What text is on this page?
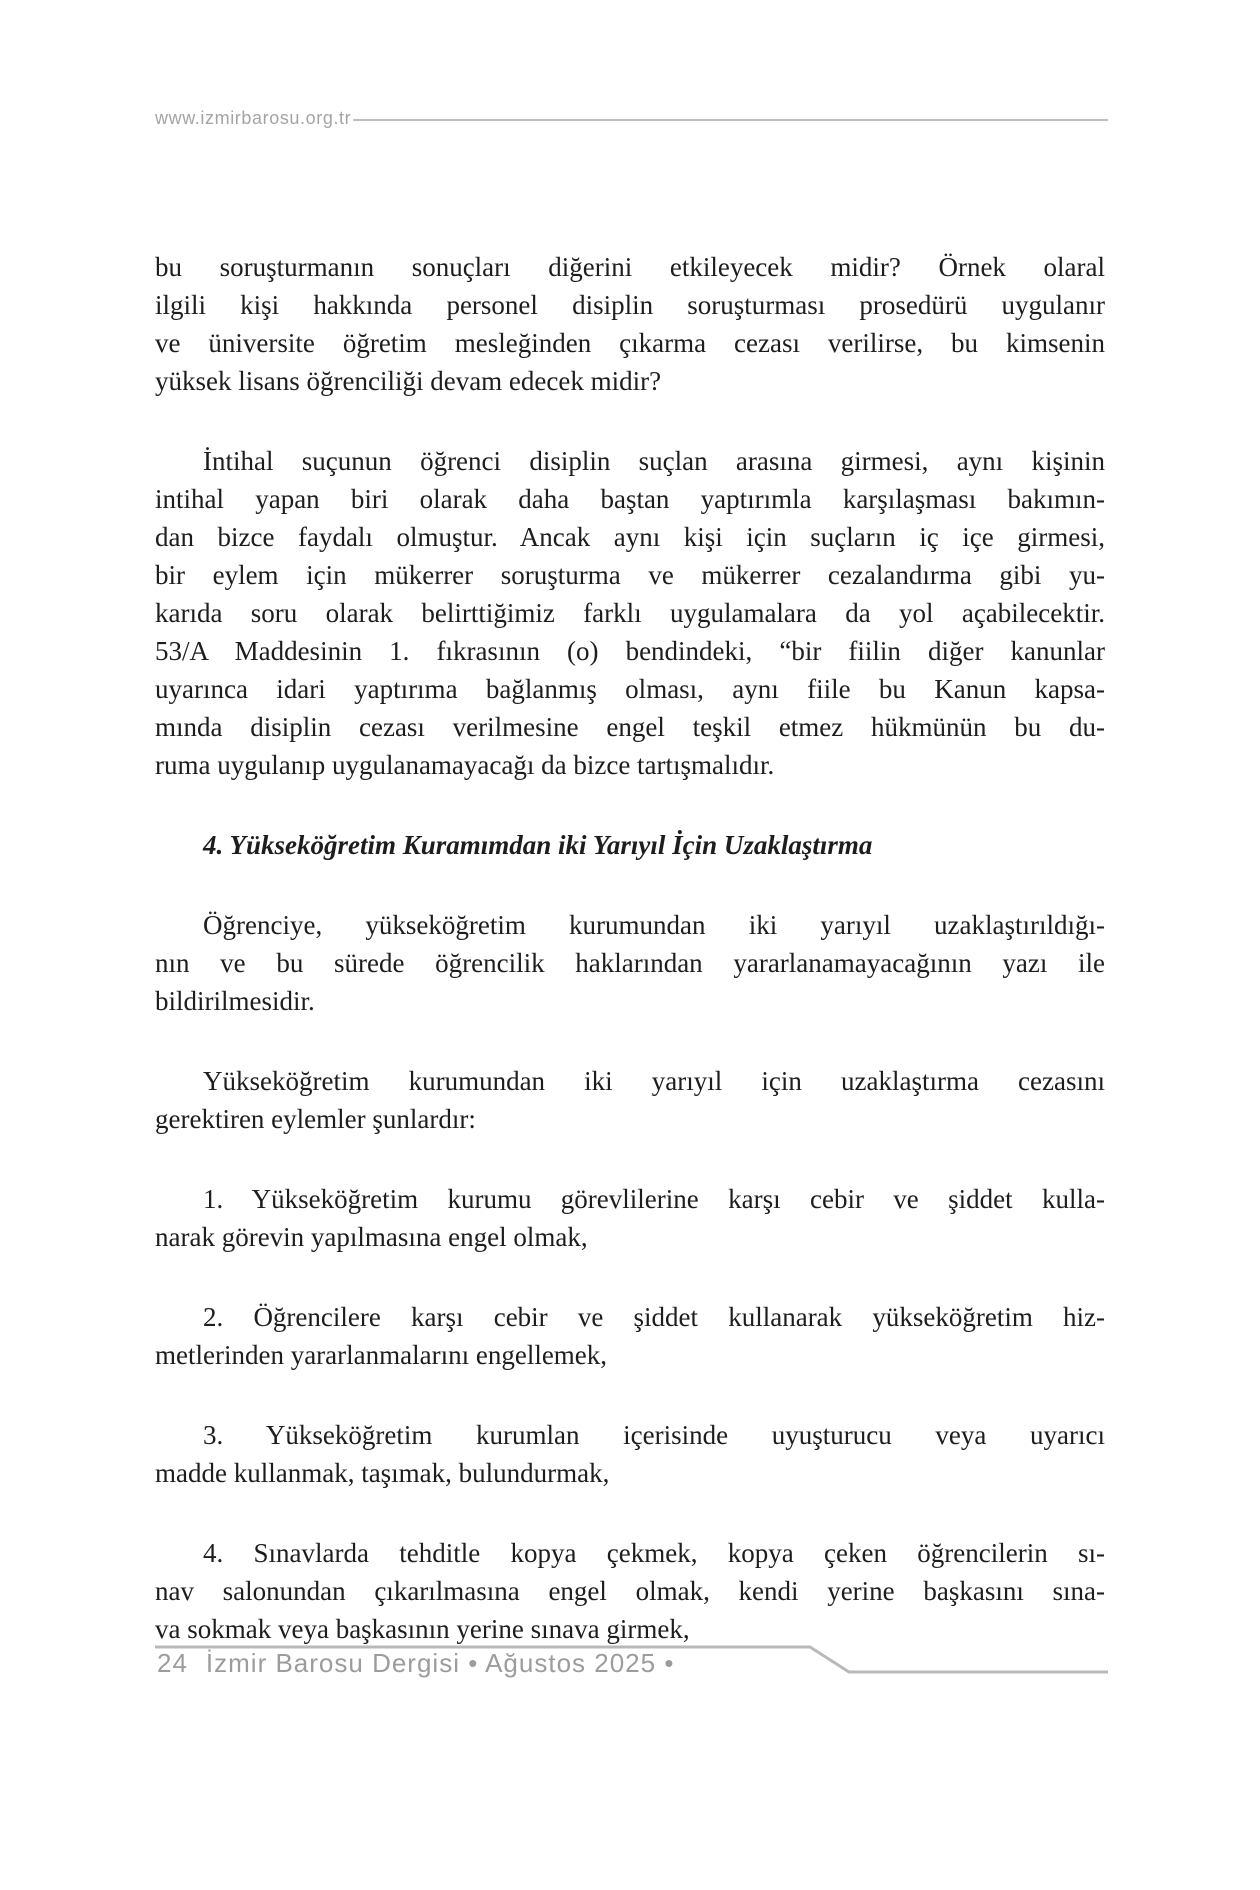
www.izmirbarosu.org.tr
bu soruşturmanın sonuçları diğerini etkileyecek midir? Örnek olaral
ilgili kişi hakkında personel disiplin soruşturması prosedürü uygulanır
ve üniversite öğretim mesleğinden çıkarma cezası verilirse, bu kimsenin
yüksek lisans öğrenciliği devam edecek midir?
İntihal suçunun öğrenci disiplin suçlan arasına girmesi, aynı kişinin
intihal yapan biri olarak daha baştan yaptırımla karşılaşması bakımın-
dan bizce faydalı olmuştur. Ancak aynı kişi için suçların iç içe girmesi,
bir eylem için mükerrer soruşturma ve mükerrer cezalandırma gibi yu-
karıda soru olarak belirttiğimiz farklı uygulamalara da yol açabilecektir.
53/A Maddesinin 1. fıkrasının (o) bendindeki, “bir fiilin diğer kanunlar
uyarınca idari yaptırıma bağlanmış olması, aynı fiile bu Kanun kapsa-
mında disiplin cezası verilmesine engel teşkil etmez hükmünün bu du-
ruma uygulanıp uygulanamayacağı da bizce tartışmalıdır.
4. Yükseköğretim Kuramımdan iki Yarıyıl İçin Uzaklaştırma
Öğrenciye, yükseköğretim kurumundan iki yarıyıl uzaklaştırıldığı-
nın ve bu sürede öğrencilik haklarından yararlanamayacağının yazı ile
bildirilmesidir.
Yükseköğretim kurumundan iki yarıyıl için uzaklaştırma cezasını
gerektiren eylemler şunlardır:
1. Yükseköğretim kurumu görevlilerine karşı cebir ve şiddet kulla-
narak görevin yapılmasına engel olmak,
2. Öğrencilere karşı cebir ve şiddet kullanarak yükseköğretim hiz-
metlerinden yararlanmalarını engellemek,
3. Yükseköğretim kurumlan içerisinde uyuşturucu veya uyarıcı
madde kullanmak, taşımak, bulundurmak,
4. Sınavlarda tehditle kopya çekmek, kopya çeken öğrencilerin sı-
nav salonundan çıkarılmasına engel olmak, kendi yerine başkasını sına-
va sokmak veya başkasının yerine sınava girmek,
24 İzmir Barosu Dergisi • Ağustos 2025 •
